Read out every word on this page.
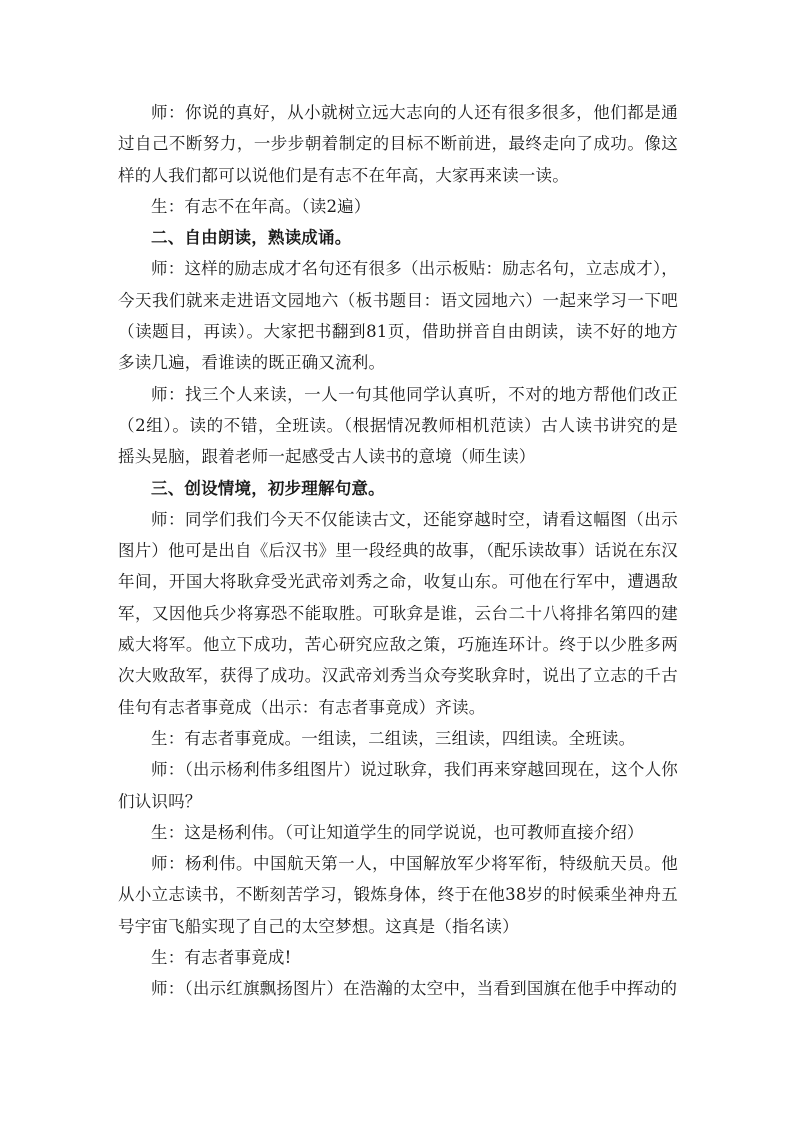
师：你说的真好，从小就树立远大志向的人还有很多很多，他们都是通过自己不断努力，一步步朝着制定的目标不断前进，最终走向了成功。像这样的人我们都可以说他们是有志不在年高，大家再来读一读。

生：有志不在年高。（读2遍）

二、自由朗读，熟读成诵。

师：这样的励志成才名句还有很多（出示板贴：励志名句，立志成才），今天我们就来走进语文园地六（板书题目：语文园地六）一起来学习一下吧（读题目，再读）。大家把书翻到81页，借助拼音自由朗读，读不好的地方多读几遍，看谁读的既正确又流利。

师：找三个人来读，一人一句其他同学认真听，不对的地方帮他们改正（2组）。读的不错，全班读。（根据情况教师相机范读）古人读书讲究的是摇头晃脑，跟着老师一起感受古人读书的意境（师生读）

三、创设情境，初步理解句意。

师：同学们我们今天不仅能读古文，还能穿越时空，请看这幅图（出示图片）他可是出自《后汉书》里一段经典的故事，（配乐读故事）话说在东汉年间，开国大将耿弇受光武帝刘秀之命，收复山东。可他在行军中，遭遇敌军，又因他兵少将寡恐不能取胜。可耿弇是谁，云台二十八将排名第四的建威大将军。他立下成功，苦心研究应敌之策，巧施连环计。终于以少胜多两次大败敌军，获得了成功。汉武帝刘秀当众夸奖耿弇时，说出了立志的千古佳句有志者事竟成（出示：有志者事竟成）齐读。

生：有志者事竟成。一组读，二组读，三组读，四组读。全班读。

师：（出示杨利伟多组图片）说过耿弇，我们再来穿越回现在，这个人你们认识吗？

生：这是杨利伟。（可让知道学生的同学说说，也可教师直接介绍）

师：杨利伟。中国航天第一人，中国解放军少将军衔，特级航天员。他从小立志读书，不断刻苦学习，锻炼身体，终于在他38岁的时候乘坐神舟五号宇宙飞船实现了自己的太空梦想。这真是（指名读）

生：有志者事竟成!

师：（出示红旗飘扬图片）在浩瀚的太空中，当看到国旗在他手中挥动的
